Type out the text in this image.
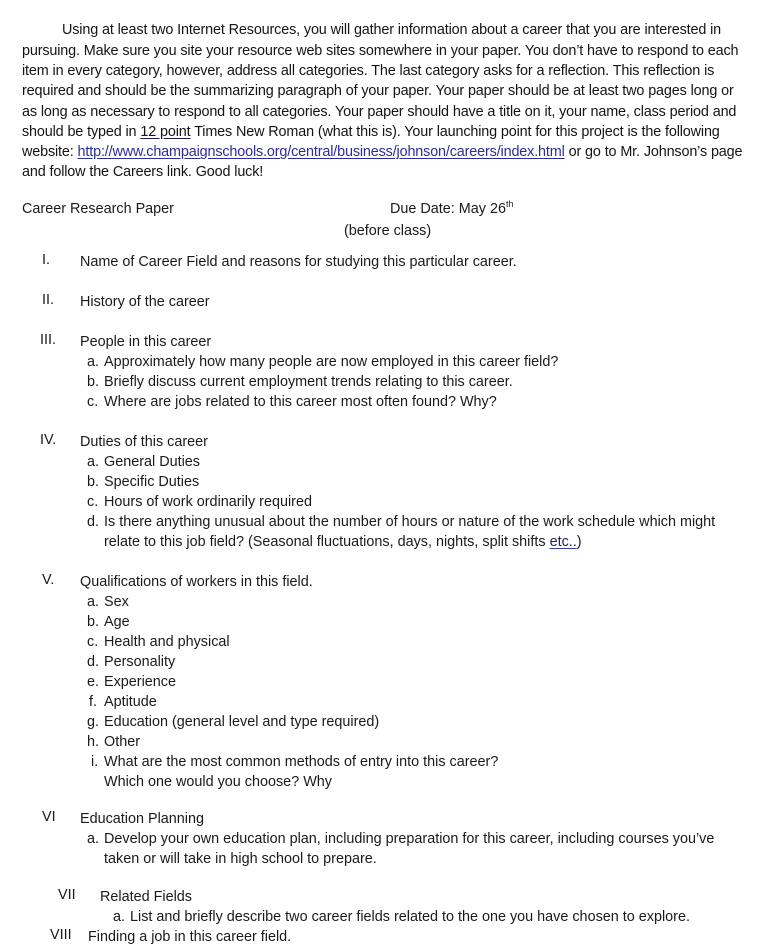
Using at least two Internet Resources, you will gather information about a career that you are interested in pursuing. Make sure you site your resource web sites somewhere in your paper. You don’t have to respond to each item in every category, however, address all categories. The last category asks for a reflection. This reflection is required and should be the summarizing paragraph of your paper. Your paper should be at least two pages long or as long as necessary to respond to all categories. Your paper should have a title on it, your name, class period and should be typed in 12 point Times New Roman (what this is). Your launching point for this project is the following website: http://www.champaignschools.org/central/business/johnson/careers/index.html or go to Mr. Johnson’s page and follow the Careers link. Good luck!

Career Research Paper	Due Date: May 26th
(before class)
I.	Name of Career Field and reasons for studying this particular career.
II.	History of the career
III.	People in this career
a. Approximately how many people are now employed in this career field?
b. Briefly discuss current employment trends relating to this career.
c. Where are jobs related to this career most often found? Why?
IV.	Duties of this career
a. General Duties
b. Specific Duties
c. Hours of work ordinarily required
d. Is there anything unusual about the number of hours or nature of the work schedule which might relate to this job field? (Seasonal fluctuations, days, nights, split shifts etc..)
V.	Qualifications of workers in this field.
a. Sex
b. Age
c. Health and physical
d. Personality
e. Experience
f. Aptitude
g. Education (general level and type required)
h. Other
i. What are the most common methods of entry into this career?
Which one would you choose? Why
VI	Education Planning
a. Develop your own education plan, including preparation for this career, including courses you’ve taken or will take in high school to prepare.
VII	Related Fields
a. List and briefly describe two career fields related to the one you have chosen to explore.
VIII	Finding a job in this career field.
